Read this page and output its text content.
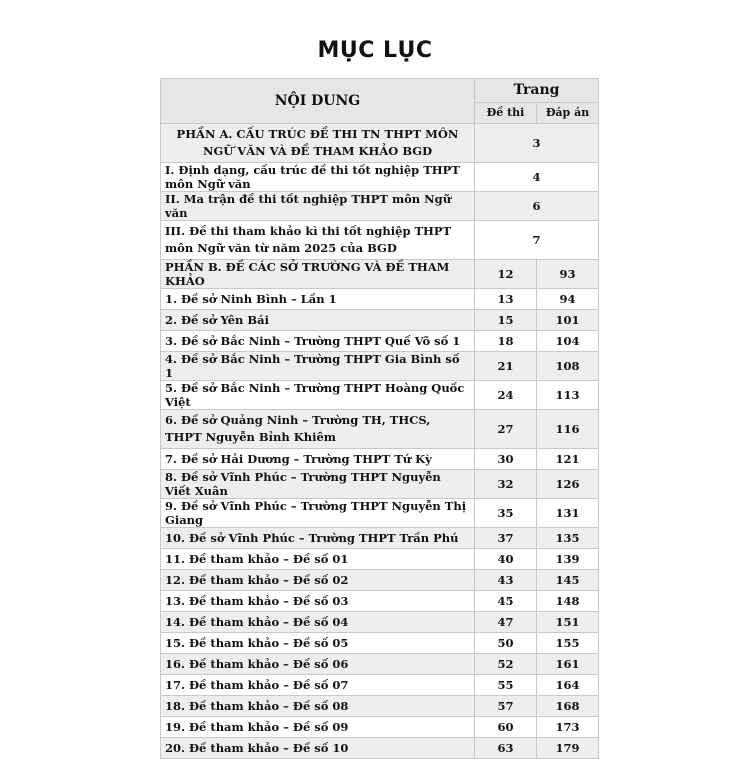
MỤC LỤC
NỘI DUNG	Trang	
	Đề thi	Đáp án
PHẦN A. CẤU TRÚC ĐỀ THI TN THPT MÔN NGỮ VĂN VÀ ĐỀ THAM KHẢO BGD	3	
I. Định dạng, cấu trúc đề thi tốt nghiệp THPT môn Ngữ văn	4	
II. Ma trận đề thi tốt nghiệp THPT môn Ngữ văn	6	
III. Đề thi tham khảo kì thi tốt nghiệp THPT môn Ngữ văn từ năm 2025 của BGD	7	
PHẦN B. ĐỀ CÁC SỞ TRƯỜNG VÀ ĐỀ THAM KHẢO	12	93
1. Đề sở Ninh Bình – Lần 1	13	94
2. Đề sở Yên Bái	15	101
3. Đề sở Bắc Ninh – Trường THPT Quế Võ số 1	18	104
4. Đề sở Bắc Ninh – Trường THPT Gia Bình số 1	21	108
5. Đề sở Bắc Ninh – Trường THPT Hoàng Quốc Việt	24	113
6. Đề sở Quảng Ninh – Trường TH, THCS, THPT Nguyễn Bỉnh Khiêm	27	116
7. Đề sở Hải Dương – Trường THPT Tứ Kỳ	30	121
8. Đề sở Vĩnh Phúc – Trường THPT Nguyễn Viết Xuân	32	126
9. Đề sở Vĩnh Phúc – Trường THPT Nguyễn Thị Giang	35	131
10. Đề sở Vĩnh Phúc – Trường THPT Trần Phú	37	135
11. Đề tham khảo – Đề số 01	40	139
12. Đề tham khảo – Đề số 02	43	145
13. Đề tham khảo – Đề số 03	45	148
14. Đề tham khảo – Đề số 04	47	151
15. Đề tham khảo – Đề số 05	50	155
16. Đề tham khảo – Đề số 06	52	161
17. Đề tham khảo – Đề số 07	55	164
18. Đề tham khảo – Đề số 08	57	168
19. Đề tham khảo – Đề số 09	60	173
20. Đề tham khảo – Đề số 10	63	179
